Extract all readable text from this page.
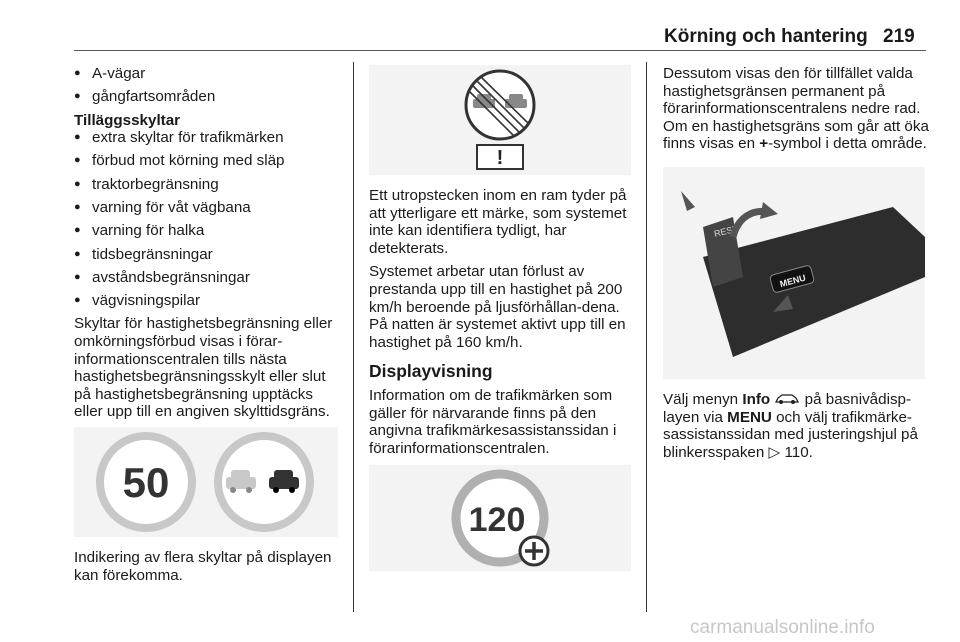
Körning och hantering 219
● A-vägar
● gångfartsområden
Tilläggsskyltar
● extra skyltar för trafikmärken
● förbud mot körning med släp
● traktorbegränsning
● varning för våt vägbana
● varning för halka
● tidsbegränsningar
● avståndsbegränsningar
● vägvisningspilar

Skyltar för hastighetsbegränsning eller omkörningsförbud visas i förar-informationscentralen tills nästa hastighetsbegränsningsskylt eller slut på hastighetsbegränsning upptäcks eller upp till en angiven skylttidsgräns.

50

Indikering av flera skyltar på displayen kan förekomma.

!

Ett utropstecken inom en ram tyder på att ytterligare ett märke, som systemet inte kan identifiera tydligt, har detekterats.

Systemet arbetar utan förlust av prestanda upp till en hastighet på 200 km/h beroende på ljusförhållan-dena. På natten är systemet aktivt upp till en hastighet på 160 km/h.

Displayvisning

Information om de trafikmärken som gäller för närvarande finns på den angivna trafikmärkesassistanssidan i förarinformationscentralen.

120

Dessutom visas den för tillfället valda hastighetsgränsen permanent på förarinformationscentralens nedre rad. Om en hastighetsgräns som går att öka finns visas en +-symbol i detta område.

RESET
MENU

Välj menyn Info  på basnivådisp-layen via MENU och välj trafikmärke-sassistanssidan med justeringshjul på blinkersspaken ▷ 110.

carmanualsonline.info
